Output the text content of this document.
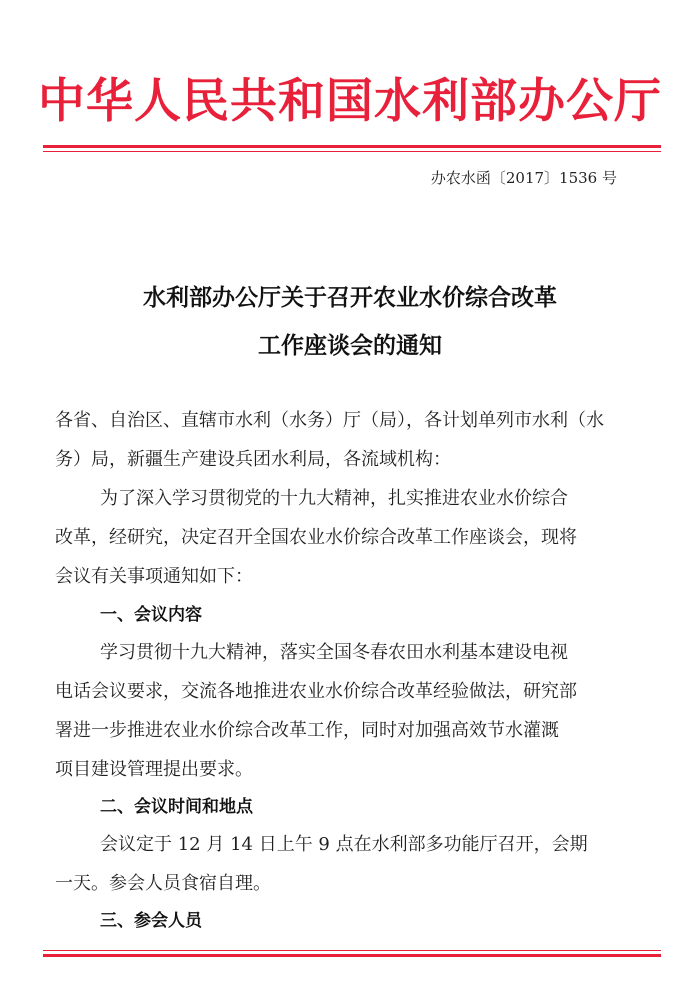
中华人民共和国水利部办公厅
办农水函〔2017〕1536 号
水利部办公厅关于召开农业水价综合改革
工作座谈会的通知
各省、自治区、直辖市水利（水务）厅（局），各计划单列市水利（水
务）局，新疆生产建设兵团水利局，各流域机构：
为了深入学习贯彻党的十九大精神，扎实推进农业水价综合
改革，经研究，决定召开全国农业水价综合改革工作座谈会，现将
会议有关事项通知如下：
一、会议内容
学习贯彻十九大精神，落实全国冬春农田水利基本建设电视
电话会议要求，交流各地推进农业水价综合改革经验做法，研究部
署进一步推进农业水价综合改革工作，同时对加强高效节水灌溉
项目建设管理提出要求。
二、会议时间和地点
会议定于 12 月 14 日上午 9 点在水利部多功能厅召开，会期
一天。参会人员食宿自理。
三、参会人员
